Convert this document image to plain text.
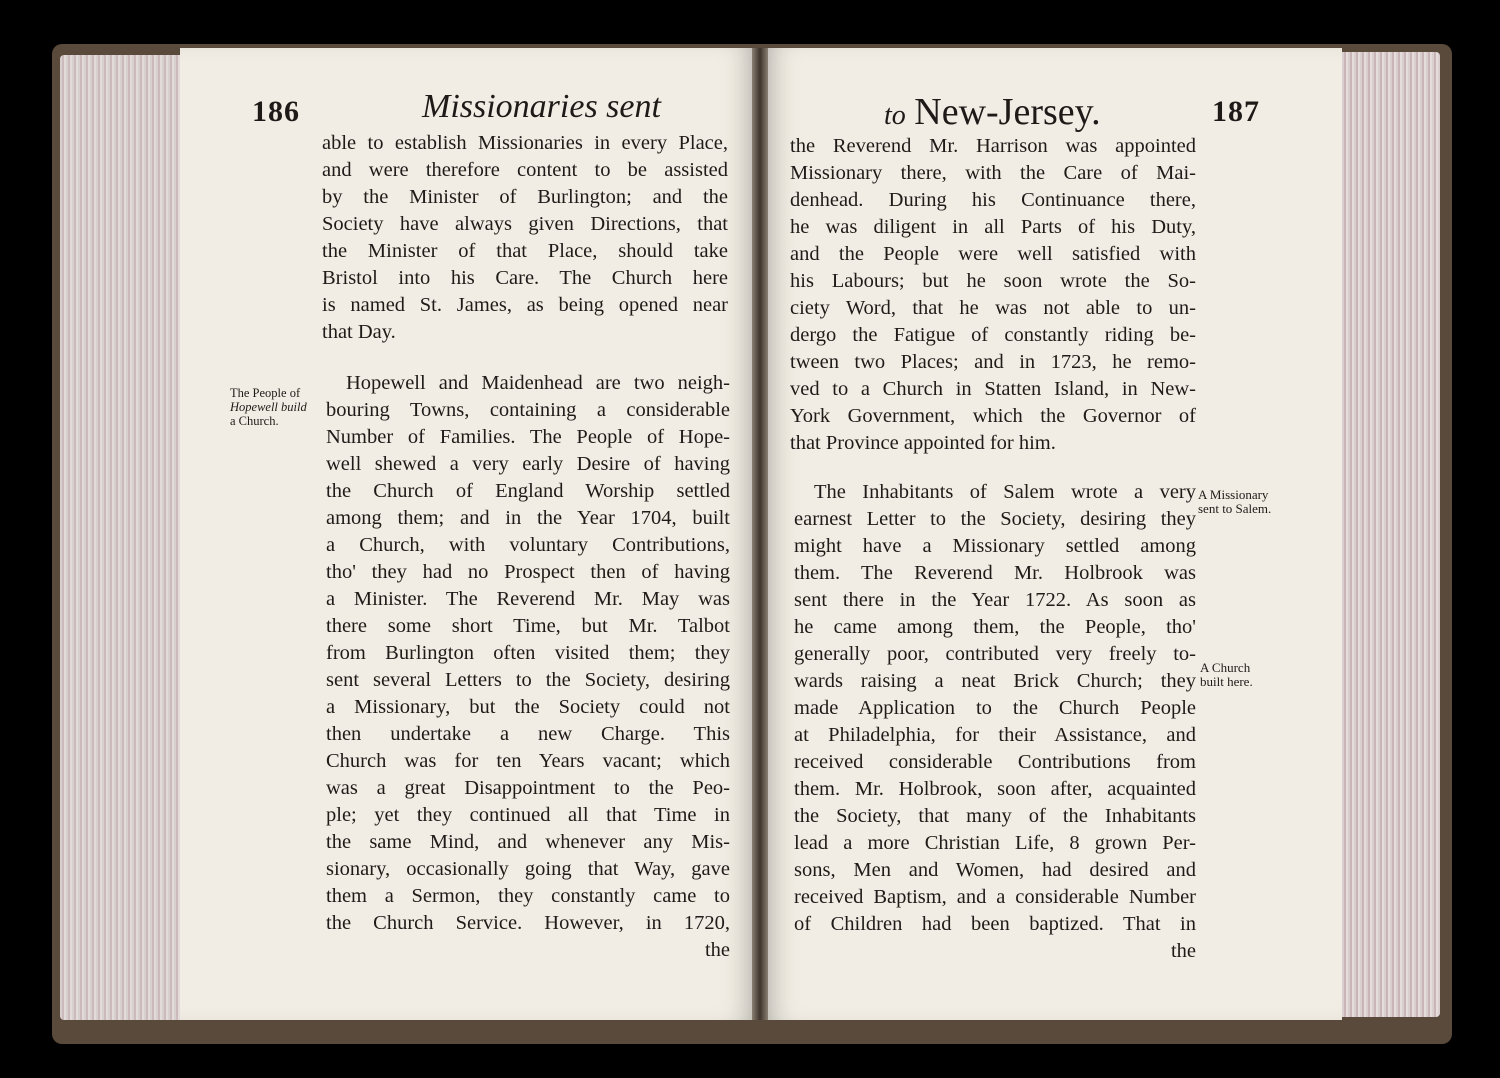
186	Missionaries sent	to New-Jersey.	187
able to establish Missionaries in every Place,
and were therefore content to be assisted
by the Minister of Burlington; and the
Society have always given Directions, that
the Minister of that Place, should take
Bristol into his Care. The Church here
is named St. James, as being opened near
that Day.
The People of
Hopewell build
a Church.
Hopewell and Maidenhead are two neigh-
bouring Towns, containing a considerable
Number of Families. The People of Hope-
well shewed a very early Desire of having
the Church of England Worship settled
among them; and in the Year 1704, built
a Church, with voluntary Contributions,
tho' they had no Prospect then of having
a Minister. The Reverend Mr. May was
there some short Time, but Mr. Talbot
from Burlington often visited them; they
sent several Letters to the Society, desiring
a Missionary, but the Society could not
then undertake a new Charge. This
Church was for ten Years vacant; which
was a great Disappointment to the Peo-
ple; yet they continued all that Time in
the same Mind, and whenever any Mis-
sionary, occasionally going that Way, gave
them a Sermon, they constantly came to
the Church Service. However, in 1720,
the
the Reverend Mr. Harrison was appointed
Missionary there, with the Care of Mai-
denhead. During his Continuance there,
he was diligent in all Parts of his Duty,
and the People were well satisfied with
his Labours; but he soon wrote the So-
ciety Word, that he was not able to un-
dergo the Fatigue of constantly riding be-
tween two Places; and in 1723, he remo-
ved to a Church in Statten Island, in New-
York Government, which the Governor of
that Province appointed for him.
The Inhabitants of Salem wrote a very
earnest Letter to the Society, desiring they
might have a Missionary settled among
them. The Reverend Mr. Holbrook was
sent there in the Year 1722. As soon as
he came among them, the People, tho'
generally poor, contributed very freely to-
wards raising a neat Brick Church; they
made Application to the Church People
at Philadelphia, for their Assistance, and
received considerable Contributions from
them. Mr. Holbrook, soon after, acquainted
the Society, that many of the Inhabitants
lead a more Christian Life, 8 grown Per-
sons, Men and Women, had desired and
received Baptism, and a considerable Number
of Children had been baptized. That in
the
A Missionary
sent to Salem.
A Church
built here.
